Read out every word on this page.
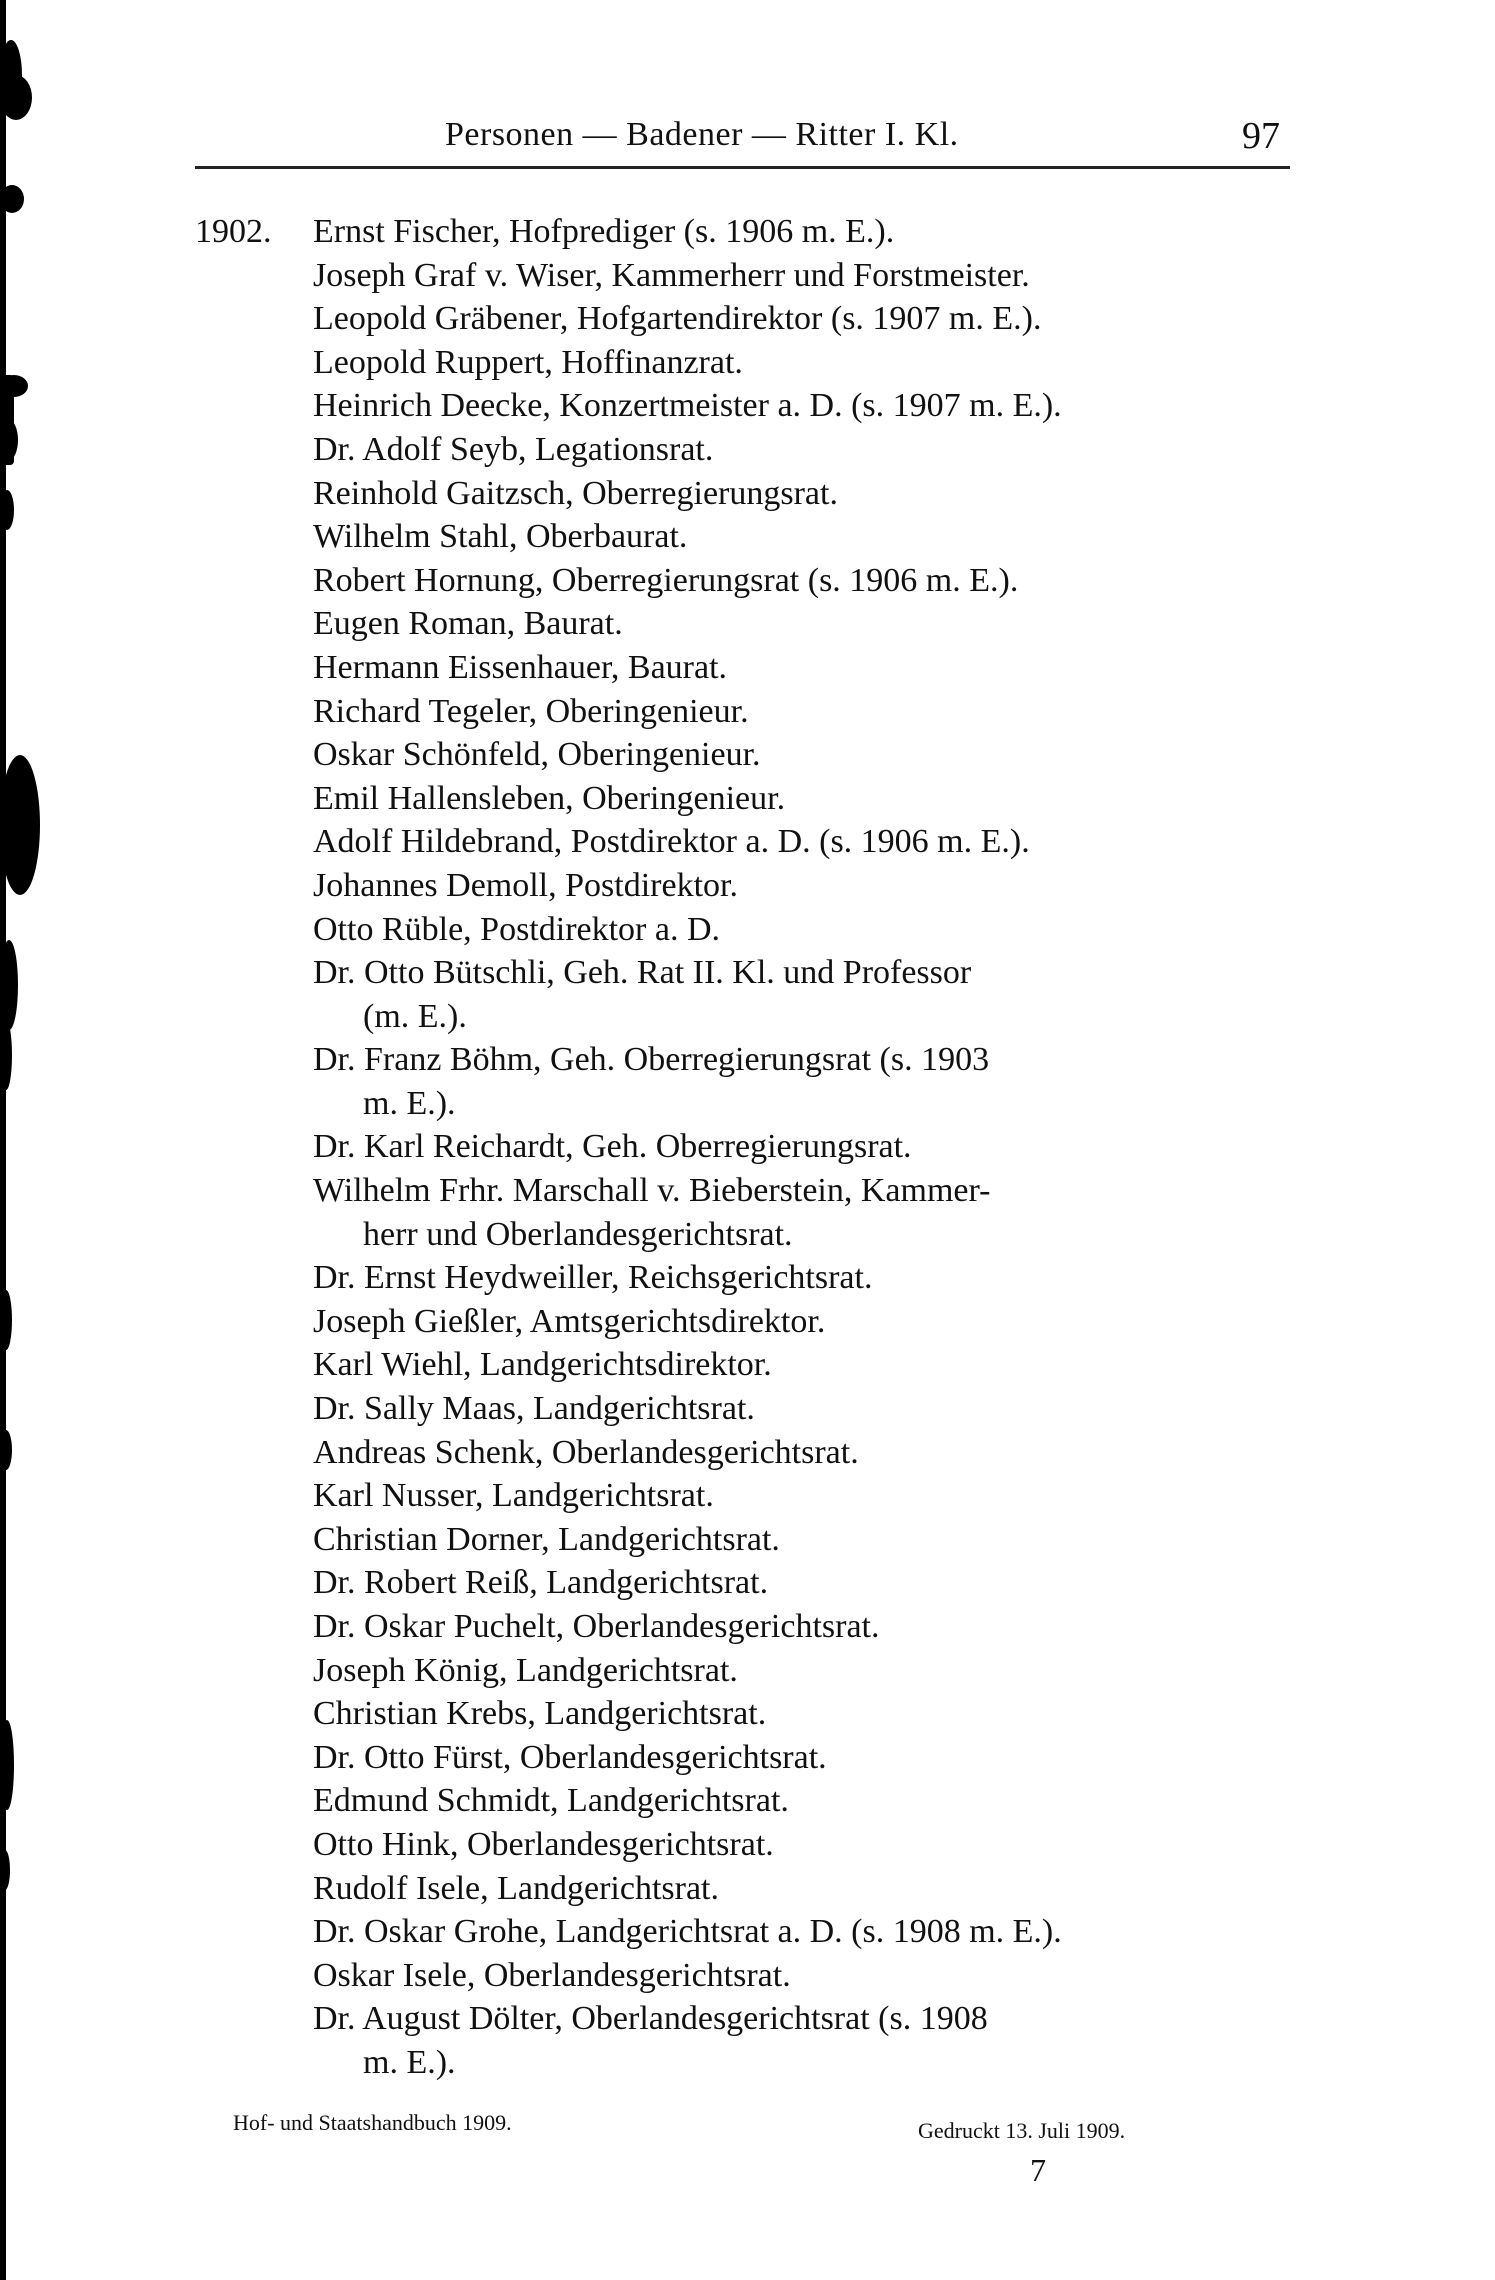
Personen — Badener — Ritter I. Kl.	97
1902.	Ernst Fischer, Hofprediger (s. 1906 m. E.).
Joseph Graf v. Wiser, Kammerherr und Forstmeister.
Leopold Gräbener, Hofgartendirektor (s. 1907 m. E.).
Leopold Ruppert, Hoffinanzrat.
Heinrich Deecke, Konzertmeister a. D. (s. 1907 m. E.).
Dr. Adolf Seyb, Legationsrat.
Reinhold Gaitzsch, Oberregierungsrat.
Wilhelm Stahl, Oberbaurat.
Robert Hornung, Oberregierungsrat (s. 1906 m. E.).
Eugen Roman, Baurat.
Hermann Eissenhauer, Baurat.
Richard Tegeler, Oberingenieur.
Oskar Schönfeld, Oberingenieur.
Emil Hallensleben, Oberingenieur.
Adolf Hildebrand, Postdirektor a. D. (s. 1906 m. E.).
Johannes Demoll, Postdirektor.
Otto Rüble, Postdirektor a. D.
Dr. Otto Bütschli, Geh. Rat II. Kl. und Professor
(m. E.).
Dr. Franz Böhm, Geh. Oberregierungsrat (s. 1903
m. E.).
Dr. Karl Reichardt, Geh. Oberregierungsrat.
Wilhelm Frhr. Marschall v. Bieberstein, Kammer-
herr und Oberlandesgerichtsrat.
Dr. Ernst Heydweiller, Reichsgerichtsrat.
Joseph Gießler, Amtsgerichtsdirektor.
Karl Wiehl, Landgerichtsdirektor.
Dr. Sally Maas, Landgerichtsrat.
Andreas Schenk, Oberlandesgerichtsrat.
Karl Nusser, Landgerichtsrat.
Christian Dorner, Landgerichtsrat.
Dr. Robert Reiß, Landgerichtsrat.
Dr. Oskar Puchelt, Oberlandesgerichtsrat.
Joseph König, Landgerichtsrat.
Christian Krebs, Landgerichtsrat.
Dr. Otto Fürst, Oberlandesgerichtsrat.
Edmund Schmidt, Landgerichtsrat.
Otto Hink, Oberlandesgerichtsrat.
Rudolf Isele, Landgerichtsrat.
Dr. Oskar Grohe, Landgerichtsrat a. D. (s. 1908 m. E.).
Oskar Isele, Oberlandesgerichtsrat.
Dr. August Dölter, Oberlandesgerichtsrat (s. 1908
m. E.).
Hof- und Staatshandbuch 1909.	Gedruckt 13. Juli 1909.
7
